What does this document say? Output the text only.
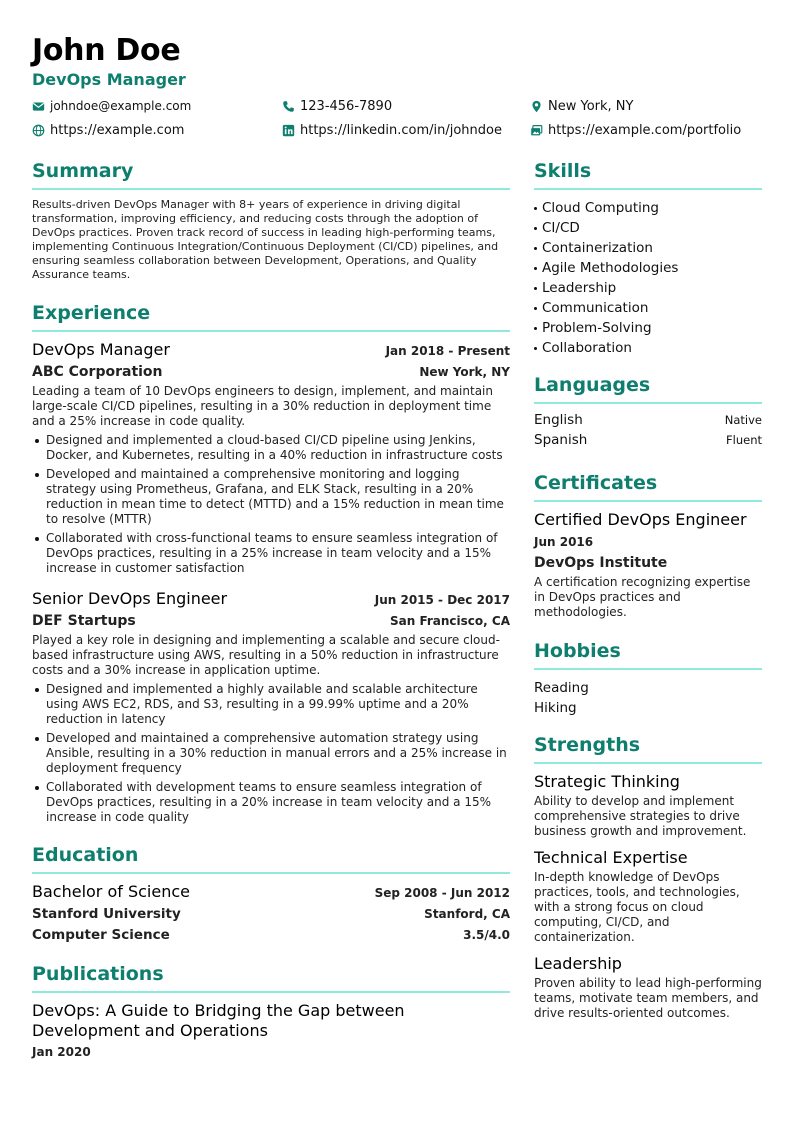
John Doe
DevOps Manager
johndoe@example.com	123-456-7890	New York, NY
https://example.com	https://linkedin.com/in/johndoe	https://example.com/portfolio
Summary
Results-driven DevOps Manager with 8+ years of experience in driving digital transformation, improving efficiency, and reducing costs through the adoption of DevOps practices. Proven track record of success in leading high-performing teams, implementing Continuous Integration/Continuous Deployment (CI/CD) pipelines, and ensuring seamless collaboration between Development, Operations, and Quality Assurance teams.
Experience
DevOps Manager	Jan 2018 - Present
ABC Corporation	New York, NY
Leading a team of 10 DevOps engineers to design, implement, and maintain large-scale CI/CD pipelines, resulting in a 30% reduction in deployment time and a 25% increase in code quality.
Designed and implemented a cloud-based CI/CD pipeline using Jenkins, Docker, and Kubernetes, resulting in a 40% reduction in infrastructure costs
Developed and maintained a comprehensive monitoring and logging strategy using Prometheus, Grafana, and ELK Stack, resulting in a 20% reduction in mean time to detect (MTTD) and a 15% reduction in mean time to resolve (MTTR)
Collaborated with cross-functional teams to ensure seamless integration of DevOps practices, resulting in a 25% increase in team velocity and a 15% increase in customer satisfaction
Senior DevOps Engineer	Jun 2015 - Dec 2017
DEF Startups	San Francisco, CA
Played a key role in designing and implementing a scalable and secure cloud-based infrastructure using AWS, resulting in a 50% reduction in infrastructure costs and a 30% increase in application uptime.
Designed and implemented a highly available and scalable architecture using AWS EC2, RDS, and S3, resulting in a 99.99% uptime and a 20% reduction in latency
Developed and maintained a comprehensive automation strategy using Ansible, resulting in a 30% reduction in manual errors and a 25% increase in deployment frequency
Collaborated with development teams to ensure seamless integration of DevOps practices, resulting in a 20% increase in team velocity and a 15% increase in code quality
Education
Bachelor of Science	Sep 2008 - Jun 2012
Stanford University	Stanford, CA
Computer Science	3.5/4.0
Publications
DevOps: A Guide to Bridging the Gap between Development and Operations
Jan 2020
Skills
Cloud Computing
CI/CD
Containerization
Agile Methodologies
Leadership
Communication
Problem-Solving
Collaboration
Languages
English	Native
Spanish	Fluent
Certificates
Certified DevOps Engineer
Jun 2016
DevOps Institute
A certification recognizing expertise in DevOps practices and methodologies.
Hobbies
Reading
Hiking
Strengths
Strategic Thinking
Ability to develop and implement comprehensive strategies to drive business growth and improvement.
Technical Expertise
In-depth knowledge of DevOps practices, tools, and technologies, with a strong focus on cloud computing, CI/CD, and containerization.
Leadership
Proven ability to lead high-performing teams, motivate team members, and drive results-oriented outcomes.
